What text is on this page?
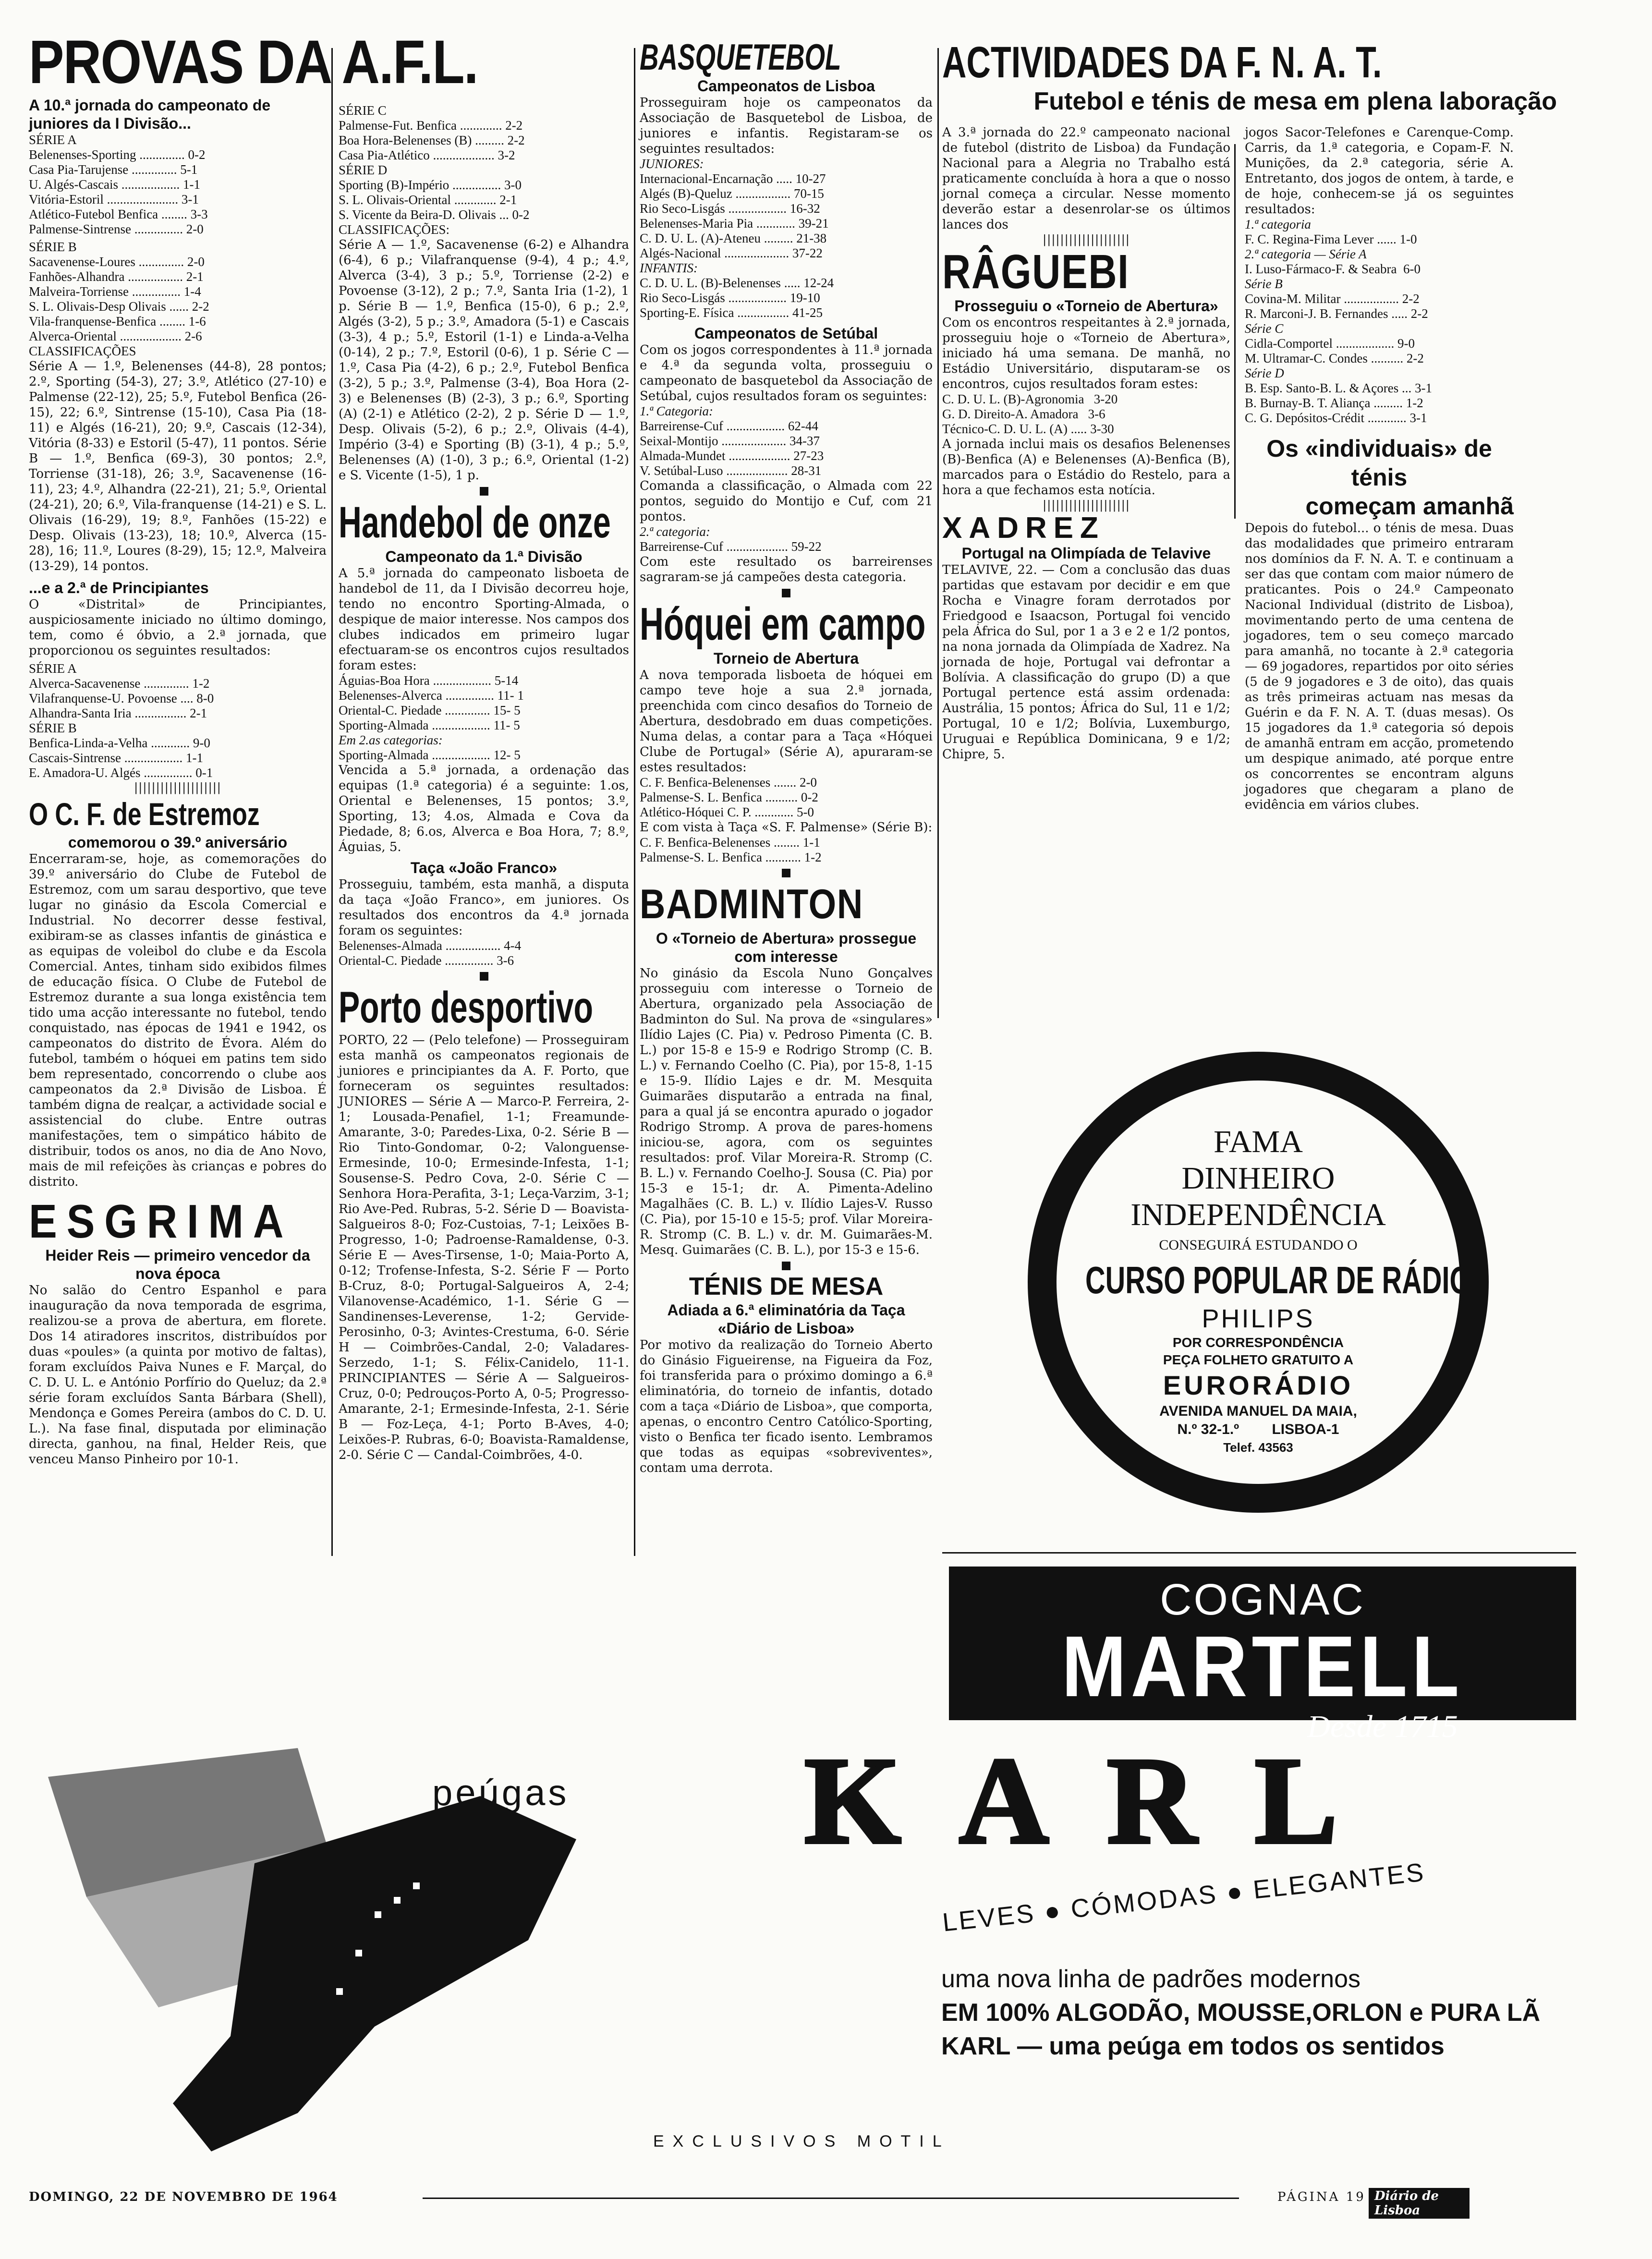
PROVAS DA A.F.L.
A 10.ª jornada do campeonato de juniores da I Divisão...
SÉRIE A
Belenenses-Sporting .............. 0-2
Casa Pia-Tarujense .............. 5-1
U. Algés-Cascais .................. 1-1
Vitória-Estoril ...................... 3-1
Atlético-Futebol Benfica ........ 3-3
Palmense-Sintrense ............... 2-0
SÉRIE B
Sacavenense-Loures .............. 2-0
Fanhões-Alhandra ................. 2-1
Malveira-Torriense ............... 1-4
S. L. Olivais-Desp Olivais ...... 2-2
Vila-franquense-Benfica ........ 1-6
Alverca-Oriental ................... 2-6
CLASSIFICAÇÕES
Série A — 1.º, Belenenses (44-8), 28 pontos; 2.º, Sporting (54-3), 27; 3.º, Atlético (27-10) e Palmense (22-12), 25; 5.º, Futebol Benfica (26-15), 22; 6.º, Sintrense (15-10), Casa Pia (18-11) e Algés (16-21), 20; 9.º, Cascais (12-34), Vitória (8-33) e Estoril (5-47), 11 pontos. Série B — 1.º, Benfica (69-3), 30 pontos; 2.º, Torriense (31-18), 26; 3.º, Sacavenense (16-11), 23; 4.º, Alhandra (22-21), 21; 5.º, Oriental (24-21), 20; 6.º, Vila-franquense (14-21) e S. L. Olivais (16-29), 19; 8.º, Fanhões (15-22) e Desp. Olivais (13-23), 18; 10.º, Alverca (15-28), 16; 11.º, Loures (8-29), 15; 12.º, Malveira (13-29), 14 pontos.
...e a 2.ª de Principiantes
O «Distrital» de Principiantes, auspiciosamente iniciado no último domingo, tem, como é óbvio, a 2.ª jornada, que proporcionou os seguintes resultados:
SÉRIE A
Alverca-Sacavenense .............. 1-2
Vilafranquense-U. Povoense .... 8-0
Alhandra-Santa Iria ................ 2-1
SÉRIE B
Benfica-Linda-a-Velha ............ 9-0
Cascais-Sintrense .................. 1-1
E. Amadora-U. Algés ............... 0-1
||||||||||||||||||||
O C. F. de Estremoz
comemorou o 39.º aniversário
Encerraram-se, hoje, as comemorações do 39.º aniversário do Clube de Futebol de Estremoz, com um sarau desportivo, que teve lugar no ginásio da Escola Comercial e Industrial. No decorrer desse festival, exibiram-se as classes infantis de ginástica e as equipas de voleibol do clube e da Escola Comercial. Antes, tinham sido exibidos filmes de educação física. O Clube de Futebol de Estremoz durante a sua longa existência tem tido uma acção interessante no futebol, tendo conquistado, nas épocas de 1941 e 1942, os campeonatos do distrito de Évora. Além do futebol, também o hóquei em patins tem sido bem representado, concorrendo o clube aos campeonatos da 2.ª Divisão de Lisboa. É também digna de realçar, a actividade social e assistencial do clube. Entre outras manifestações, tem o simpático hábito de distribuir, todos os anos, no dia de Ano Novo, mais de mil refeições às crianças e pobres do distrito.
ESGRIMA
Heider Reis — primeiro vencedor da nova época
No salão do Centro Espanhol e para inauguração da nova temporada de esgrima, realizou-se a prova de abertura, em florete. Dos 14 atiradores inscritos, distribuídos por duas «poules» (a quinta por motivo de faltas), foram excluídos Paiva Nunes e F. Marçal, do C. D. U. L. e António Porfírio do Queluz; da 2.ª série foram excluídos Santa Bárbara (Shell), Mendonça e Gomes Pereira (ambos do C. D. U. L.). Na fase final, disputada por eliminação directa, ganhou, na final, Helder Reis, que venceu Manso Pinheiro por 10-1.
SÉRIE C
Palmense-Fut. Benfica ............. 2-2
Boa Hora-Belenenses (B) ......... 2-2
Casa Pia-Atlético ................... 3-2
SÉRIE D
Sporting (B)-Império ............... 3-0
S. L. Olivais-Oriental ............. 2-1
S. Vicente da Beira-D. Olivais ... 0-2
CLASSIFICAÇÕES:
Série A — 1.º, Sacavenense (6-2) e Alhandra (6-4), 6 p.; Vilafranquense (9-4), 4 p.; 4.º, Alverca (3-4), 3 p.; 5.º, Torriense (2-2) e Povoense (3-12), 2 p.; 7.º, Santa Iria (1-2), 1 p. Série B — 1.º, Benfica (15-0), 6 p.; 2.º, Algés (3-2), 5 p.; 3.º, Amadora (5-1) e Cascais (3-3), 4 p.; 5.º, Estoril (1-1) e Linda-a-Velha (0-14), 2 p.; 7.º, Estoril (0-6), 1 p. Série C — 1.º, Casa Pia (4-2), 6 p.; 2.º, Futebol Benfica (3-2), 5 p.; 3.º, Palmense (3-4), Boa Hora (2-3) e Belenenses (B) (2-3), 3 p.; 6.º, Sporting (A) (2-1) e Atlético (2-2), 2 p. Série D — 1.º, Desp. Olivais (5-2), 6 p.; 2.º, Olivais (4-4), Império (3-4) e Sporting (B) (3-1), 4 p.; 5.º, Belenenses (A) (1-0), 3 p.; 6.º, Oriental (1-2) e S. Vicente (1-5), 1 p.
Handebol de onze
Campeonato da 1.ª Divisão
A 5.ª jornada do campeonato lisboeta de handebol de 11, da I Divisão decorreu hoje, tendo no encontro Sporting-Almada, o despique de maior interesse. Nos campos dos clubes indicados em primeiro lugar efectuaram-se os encontros cujos resultados foram estes:
Águias-Boa Hora .................. 5-14
Belenenses-Alverca ............... 11- 1
Oriental-C. Piedade .............. 15- 5
Sporting-Almada .................. 11- 5
Em 2.as categorias:
Sporting-Almada .................. 12- 5
Vencida a 5.ª jornada, a ordenação das equipas (1.ª categoria) é a seguinte: 1.os, Oriental e Belenenses, 15 pontos; 3.º, Sporting, 13; 4.os, Almada e Cova da Piedade, 8; 6.os, Alverca e Boa Hora, 7; 8.º, Águias, 5.
Taça «João Franco»
Prosseguiu, também, esta manhã, a disputa da taça «João Franco», em juniores. Os resultados dos encontros da 4.ª jornada foram os seguintes:
Belenenses-Almada ................. 4-4
Oriental-C. Piedade ............... 3-6
Porto desportivo
PORTO, 22 — (Pelo telefone) — Prosseguiram esta manhã os campeonatos regionais de juniores e principiantes da A. F. Porto, que forneceram os seguintes resultados: JUNIORES — Série A — Marco-P. Ferreira, 2-1; Lousada-Penafiel, 1-1; Freamunde-Amarante, 3-0; Paredes-Lixa, 0-2. Série B — Rio Tinto-Gondomar, 0-2; Valonguense-Ermesinde, 10-0; Ermesinde-Infesta, 1-1; Sousense-S. Pedro Cova, 2-0. Série C — Senhora Hora-Perafita, 3-1; Leça-Varzim, 3-1; Rio Ave-Ped. Rubras, 5-2. Série D — Boavista-Salgueiros 8-0; Foz-Custoias, 7-1; Leixões B-Progresso, 1-0; Padroense-Ramaldense, 0-3. Série E — Aves-Tirsense, 1-0; Maia-Porto A, 0-12; Trofense-Infesta, S-2. Série F — Porto B-Cruz, 8-0; Portugal-Salgueiros A, 2-4; Vilanovense-Académico, 1-1. Série G — Sandinenses-Leverense, 1-2; Gervide-Perosinho, 0-3; Avintes-Crestuma, 6-0. Série H — Coimbrões-Candal, 2-0; Valadares-Serzedo, 1-1; S. Félix-Canidelo, 11-1. PRINCIPIANTES — Série A — Salgueiros-Cruz, 0-0; Pedrouços-Porto A, 0-5; Progresso-Amarante, 2-1; Ermesinde-Infesta, 2-1. Série B — Foz-Leça, 4-1; Porto B-Aves, 4-0; Leixões-P. Rubras, 6-0; Boavista-Ramaldense, 2-0. Série C — Candal-Coimbrões, 4-0.
BASQUETEBOL
Campeonatos de Lisboa
Prosseguiram hoje os campeonatos da Associação de Basquetebol de Lisboa, de juniores e infantis. Registaram-se os seguintes resultados:
JUNIORES:
Internacional-Encarnação ..... 10-27
Algés (B)-Queluz ................. 70-15
Rio Seco-Lisgás .................. 16-32
Belenenses-Maria Pia ............ 39-21
C. D. U. L. (A)-Ateneu ......... 21-38
Algés-Nacional .................... 37-22
INFANTIS:
C. D. U. L. (B)-Belenenses ..... 12-24
Rio Seco-Lisgás .................. 19-10
Sporting-E. Física ................ 41-25
Campeonatos de Setúbal
Com os jogos correspondentes à 11.ª jornada e 4.ª da segunda volta, prosseguiu o campeonato de basquetebol da Associação de Setúbal, cujos resultados foram os seguintes:
1.ª Categoria:
Barreirense-Cuf .................. 62-44
Seixal-Montijo .................... 34-37
Almada-Mundet ................... 27-23
V. Setúbal-Luso ................... 28-31
Comanda a classificação, o Almada com 22 pontos, seguido do Montijo e Cuf, com 21 pontos.
2.ª categoria:
Barreirense-Cuf ................... 59-22
Com este resultado os barreirenses sagraram-se já campeões desta categoria.
Hóquei em campo
Torneio de Abertura
A nova temporada lisboeta de hóquei em campo teve hoje a sua 2.ª jornada, preenchida com cinco desafios do Torneio de Abertura, desdobrado em duas competições. Numa delas, a contar para a Taça «Hóquei Clube de Portugal» (Série A), apuraram-se estes resultados:
C. F. Benfica-Belenenses ....... 2-0
Palmense-S. L. Benfica .......... 0-2
Atlético-Hóquei C. P. ............ 5-0
E com vista à Taça «S. F. Palmense» (Série B):
C. F. Benfica-Belenenses ........ 1-1
Palmense-S. L. Benfica ........... 1-2
BADMINTON
O «Torneio de Abertura» prossegue com interesse
No ginásio da Escola Nuno Gonçalves prosseguiu com interesse o Torneio de Abertura, organizado pela Associação de Badminton do Sul. Na prova de «singulares» Ilídio Lajes (C. Pia) v. Pedroso Pimenta (C. B. L.) por 15-8 e 15-9 e Rodrigo Stromp (C. B. L.) v. Fernando Coelho (C. Pia), por 15-8, 1-15 e 15-9. Ilídio Lajes e dr. M. Mesquita Guimarães disputarão a entrada na final, para a qual já se encontra apurado o jogador Rodrigo Stromp. A prova de pares-homens iniciou-se, agora, com os seguintes resultados: prof. Vilar Moreira-R. Stromp (C. B. L.) v. Fernando Coelho-J. Sousa (C. Pia) por 15-3 e 15-1; dr. A. Pimenta-Adelino Magalhães (C. B. L.) v. Ilídio Lajes-V. Russo (C. Pia), por 15-10 e 15-5; prof. Vilar Moreira-R. Stromp (C. B. L.) v. dr. M. Guimarães-M. Mesq. Guimarães (C. B. L.), por 15-3 e 15-6.
TÉNIS DE MESA
Adiada a 6.ª eliminatória da Taça «Diário de Lisboa»
Por motivo da realização do Torneio Aberto do Ginásio Figueirense, na Figueira da Foz, foi transferida para o próximo domingo a 6.ª eliminatória, do torneio de infantis, dotado com a taça «Diário de Lisboa», que comporta, apenas, o encontro Centro Católico-Sporting, visto o Benfica ter ficado isento. Lembramos que todas as equipas «sobreviventes», contam uma derrota.
ACTIVIDADES DA F. N. A. T.
Futebol e ténis de mesa em plena laboração
A 3.ª jornada do 22.º campeonato nacional de futebol (distrito de Lisboa) da Fundação Nacional para a Alegria no Trabalho está praticamente concluída à hora a que o nosso jornal começa a circular. Nesse momento deverão estar a desenrolar-se os últimos lances dos
||||||||||||||||||||
RÂGUEBI
Prosseguiu o «Torneio de Abertura»
Com os encontros respeitantes à 2.ª jornada, prosseguiu hoje o «Torneio de Abertura», iniciado há uma semana. De manhã, no Estádio Universitário, disputaram-se os encontros, cujos resultados foram estes:
C. D. U. L. (B)-Agronomia   3-20
G. D. Direito-A. Amadora   3-6
Técnico-C. D. U. L. (A) ..... 3-30
A jornada inclui mais os desafios Belenenses (B)-Benfica (A) e Belenenses (A)-Benfica (B), marcados para o Estádio do Restelo, para a hora a que fechamos esta notícia.
||||||||||||||||||||
XADREZ
Portugal na Olimpíada de Telavive
TELAVIVE, 22. — Com a conclusão das duas partidas que estavam por decidir e em que Rocha e Vinagre foram derrotados por Friedgood e Isaacson, Portugal foi vencido pela África do Sul, por 1 a 3 e 2 e 1/2 pontos, na nona jornada da Olimpíada de Xadrez. Na jornada de hoje, Portugal vai defrontar a Bolívia. A classificação do grupo (D) a que Portugal pertence está assim ordenada: Austrália, 15 pontos; África do Sul, 11 e 1/2; Portugal, 10 e 1/2; Bolívia, Luxemburgo, Uruguai e República Dominicana, 9 e 1/2; Chipre, 5.
jogos Sacor-Telefones e Carenque-Comp. Carris, da 1.ª categoria, e Copam-F. N. Munições, da 2.ª categoria, série A. Entretanto, dos jogos de ontem, à tarde, e de hoje, conhecem-se já os seguintes resultados:
1.ª categoria
F. C. Regina-Fima Lever ...... 1-0
2.ª categoria — Série A
I. Luso-Fármaco-F. & Seabra  6-0
Série B
Covina-M. Militar ................. 2-2
R. Marconi-J. B. Fernandes ..... 2-2
Série C
Cidla-Comportel .................. 9-0
M. Ultramar-C. Condes .......... 2-2
Série D
B. Esp. Santo-B. L. & Açores ... 3-1
B. Burnay-B. T. Aliança ......... 1-2
C. G. Depósitos-Crédit ............ 3-1
Os «individuais» de ténis
começam amanhã
Depois do futebol... o ténis de mesa. Duas das modalidades que primeiro entraram nos domínios da F. N. A. T. e continuam a ser das que contam com maior número de praticantes. Pois o 24.º Campeonato Nacional Individual (distrito de Lisboa), movimentando perto de uma centena de jogadores, tem o seu começo marcado para amanhã, no tocante à 2.ª categoria — 69 jogadores, repartidos por oito séries (5 de 9 jogadores e 3 de oito), das quais as três primeiras actuam nas mesas da Guérin e da F. N. A. T. (duas mesas). Os 15 jogadores da 1.ª categoria só depois de amanhã entram em acção, prometendo um despique animado, até porque entre os concorrentes se encontram alguns jogadores que chegaram a plano de evidência em vários clubes.
FAMA
DINHEIRO
INDEPENDÊNCIA
CONSEGUIRÁ ESTUDANDO O
CURSO POPULAR DE RÁDIO
PHILIPS
POR CORRESPONDÊNCIA
PEÇA FOLHETO GRATUITO A
EURORÁDIO
AVENIDA MANUEL DA MAIA,
N.º 32-1.º LISBOA-1
Telef. 43563
COGNAC
MARTELL
Desde 1715
peúgas	KARL
LEVES ● CÓMODAS ● ELEGANTES
uma nova linha de padrões modernos
EM 100% ALGODÃO, MOUSSE,ORLON e PURA LÃ
KARL — uma peúga em todos os sentidos
EXCLUSIVOS MOTIL
DOMINGO, 22 DE NOVEMBRO DE 1964	PÁGINA 19 Diário de Lisboa
